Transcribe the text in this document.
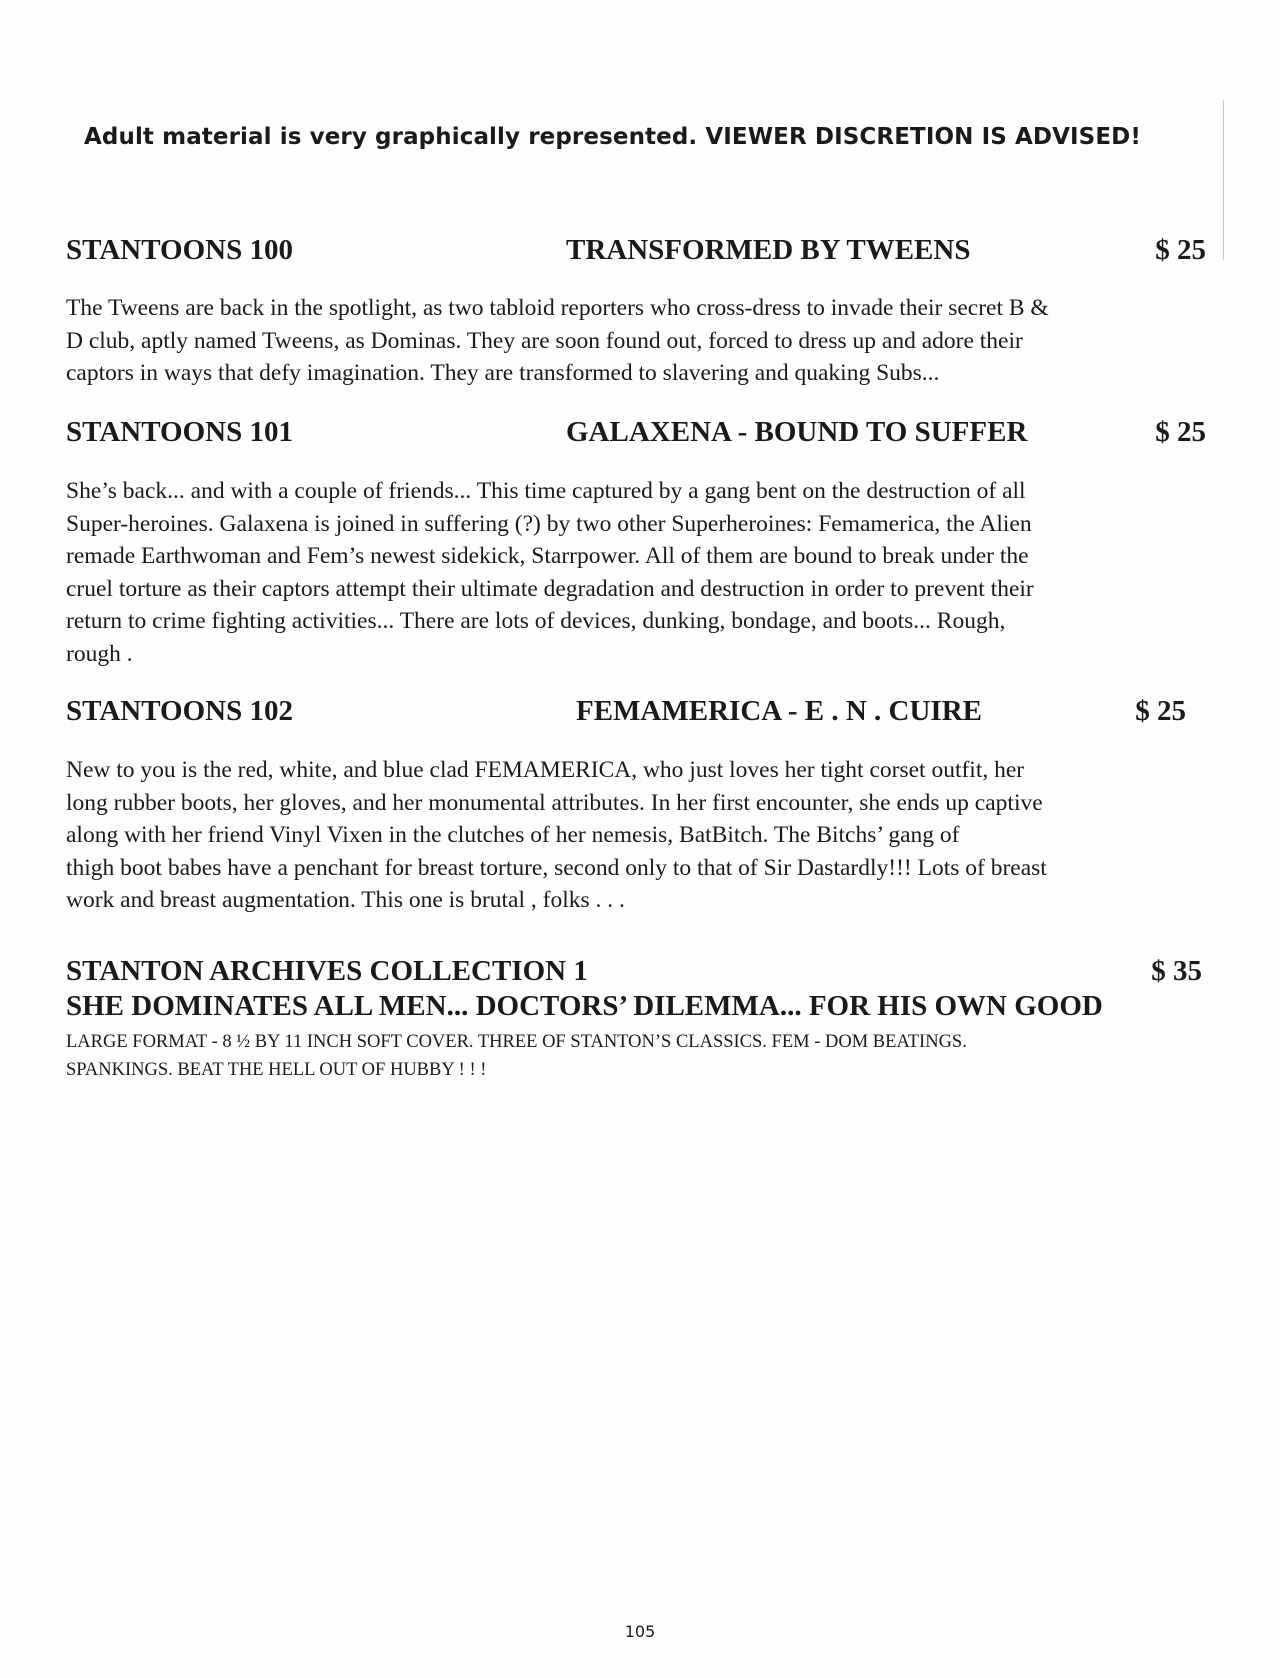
Adult material is very graphically represented. VIEWER DISCRETION IS ADVISED!
STANTOONS 100	TRANSFORMED BY TWEENS	$ 25
The Tweens are back in the spotlight, as two tabloid reporters who cross-dress to invade their secret B &
D club, aptly named Tweens, as Dominas. They are soon found out, forced to dress up and adore their
captors in ways that defy imagination. They are transformed to slavering and quaking Subs...
STANTOONS 101	GALAXENA - BOUND TO SUFFER	$ 25
She’s back... and with a couple of friends... This time captured by a gang bent on the destruction of all
Super-heroines. Galaxena is joined in suffering (?) by two other Superheroines: Femamerica, the Alien
remade Earthwoman and Fem’s newest sidekick, Starrpower. All of them are bound to break under the
cruel torture as their captors attempt their ultimate degradation and destruction in order to prevent their
return to crime fighting activities... There are lots of devices, dunking, bondage, and boots... Rough,
rough .
STANTOONS 102	FEMAMERICA - E . N . CUIRE	$ 25
New to you is the red, white, and blue clad FEMAMERICA, who just loves her tight corset outfit, her
long rubber boots, her gloves, and her monumental attributes. In her first encounter, she ends up captive
along with her friend Vinyl Vixen in the clutches of her nemesis, BatBitch. The Bitchs’ gang of
thigh boot babes have a penchant for breast torture, second only to that of Sir Dastardly!!! Lots of breast
work and breast augmentation. This one is brutal , folks . . .
STANTON ARCHIVES COLLECTION 1	$ 35
SHE DOMINATES ALL MEN... DOCTORS’ DILEMMA... FOR HIS OWN GOOD
LARGE FORMAT - 8 ½ BY 11 INCH SOFT COVER. THREE OF STANTON’S CLASSICS. FEM - DOM BEATINGS.
SPANKINGS. BEAT THE HELL OUT OF HUBBY ! ! !
105
